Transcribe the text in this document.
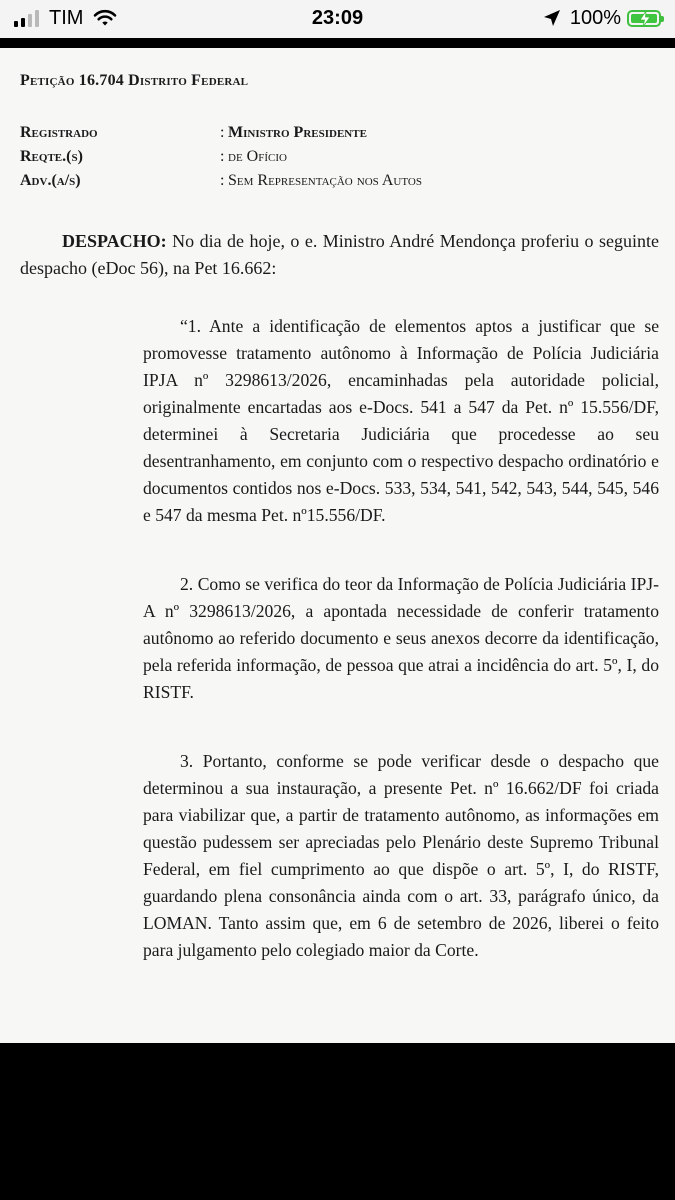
TIM	23:09	100%
Petição 16.704 Distrito Federal
Registrado	: Ministro Presidente
Reqte.(s)	: de Ofício
Adv.(a/s)	: Sem Representação nos Autos

DESPACHO: No dia de hoje, o e. Ministro André Mendonça proferiu o seguinte despacho (eDoc 56), na Pet 16.662:

“1. Ante a identificação de elementos aptos a justificar que se promovesse tratamento autônomo à Informação de Polícia Judiciária IPJA nº 3298613/2026, encaminhadas pela autoridade policial, originalmente encartadas aos e-Docs. 541 a 547 da Pet. nº 15.556/DF, determinei à Secretaria Judiciária que procedesse ao seu desentranhamento, em conjunto com o respectivo despacho ordinatório e documentos contidos nos e-Docs. 533, 534, 541, 542, 543, 544, 545, 546 e 547 da mesma Pet. nº15.556/DF.

2. Como se verifica do teor da Informação de Polícia Judiciária IPJ-A nº 3298613/2026, a apontada necessidade de conferir tratamento autônomo ao referido documento e seus anexos decorre da identificação, pela referida informação, de pessoa que atrai a incidência do art. 5º, I, do RISTF.

3. Portanto, conforme se pode verificar desde o despacho que determinou a sua instauração, a presente Pet. nº 16.662/DF foi criada para viabilizar que, a partir de tratamento autônomo, as informações em questão pudessem ser apreciadas pelo Plenário deste Supremo Tribunal Federal, em fiel cumprimento ao que dispõe o art. 5º, I, do RISTF, guardando plena consonância ainda com o art. 33, parágrafo único, da LOMAN. Tanto assim que, em 6 de setembro de 2026, liberei o feito para julgamento pelo colegiado maior da Corte.
